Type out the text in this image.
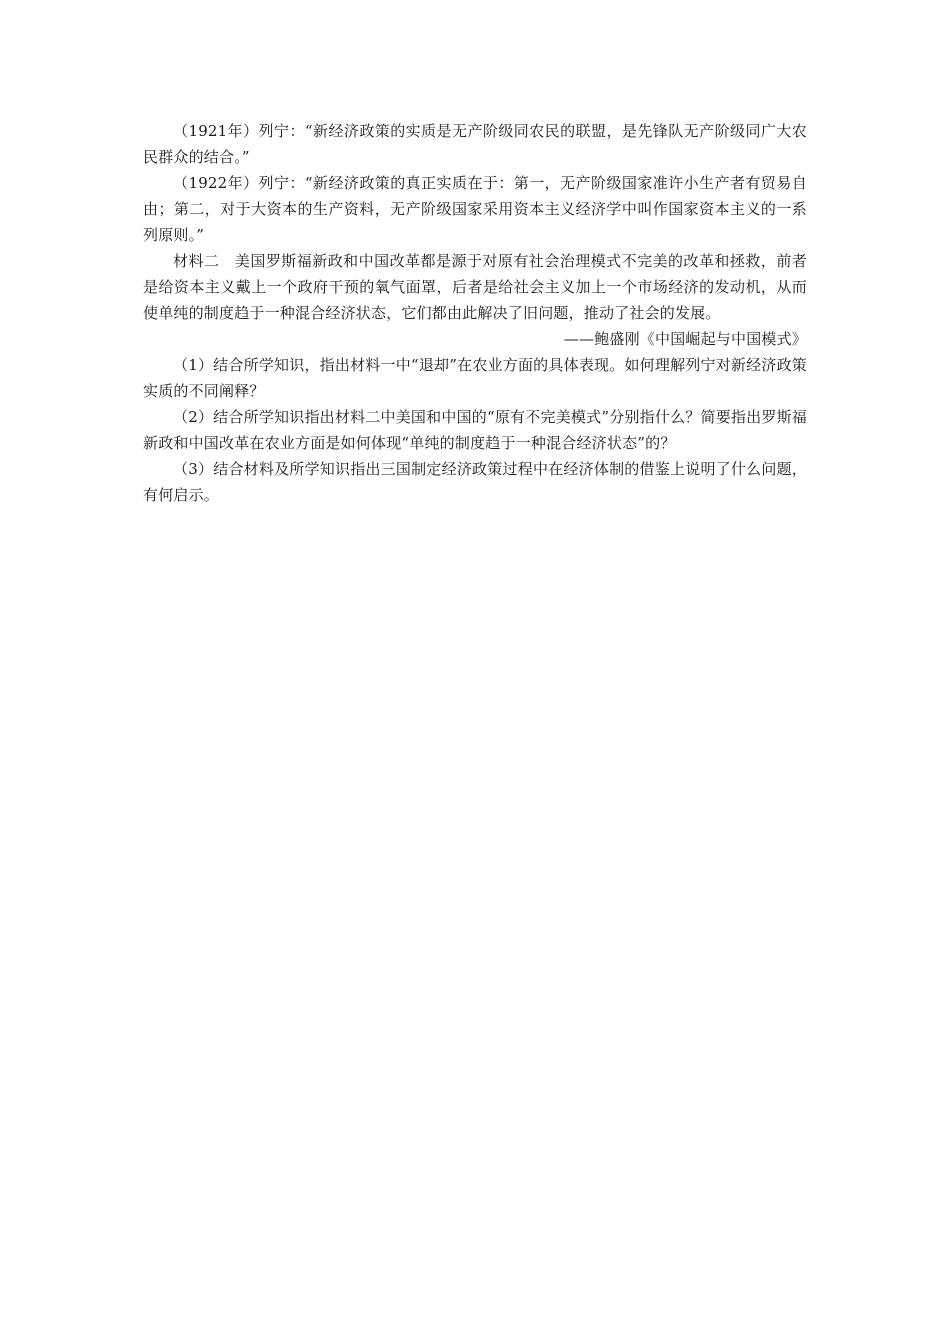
（1921年）列宁：“新经济政策的实质是无产阶级同农民的联盟，是先锋队无产阶级同广大农民群众的结合。”

（1922年）列宁：“新经济政策的真正实质在于：第一，无产阶级国家准许小生产者有贸易自由；第二，对于大资本的生产资料，无产阶级国家采用资本主义经济学中叫作国家资本主义的一系列原则。”

材料二　美国罗斯福新政和中国改革都是源于对原有社会治理模式不完美的改革和拯救，前者是给资本主义戴上一个政府干预的氧气面罩，后者是给社会主义加上一个市场经济的发动机，从而使单纯的制度趋于一种混合经济状态，它们都由此解决了旧问题，推动了社会的发展。

——鲍盛刚《中国崛起与中国模式》

（1）结合所学知识，指出材料一中“退却”在农业方面的具体表现。如何理解列宁对新经济政策实质的不同阐释？

（2）结合所学知识指出材料二中美国和中国的“原有不完美模式”分别指什么？简要指出罗斯福新政和中国改革在农业方面是如何体现“单纯的制度趋于一种混合经济状态”的？

（3）结合材料及所学知识指出三国制定经济政策过程中在经济体制的借鉴上说明了什么问题，有何启示。
